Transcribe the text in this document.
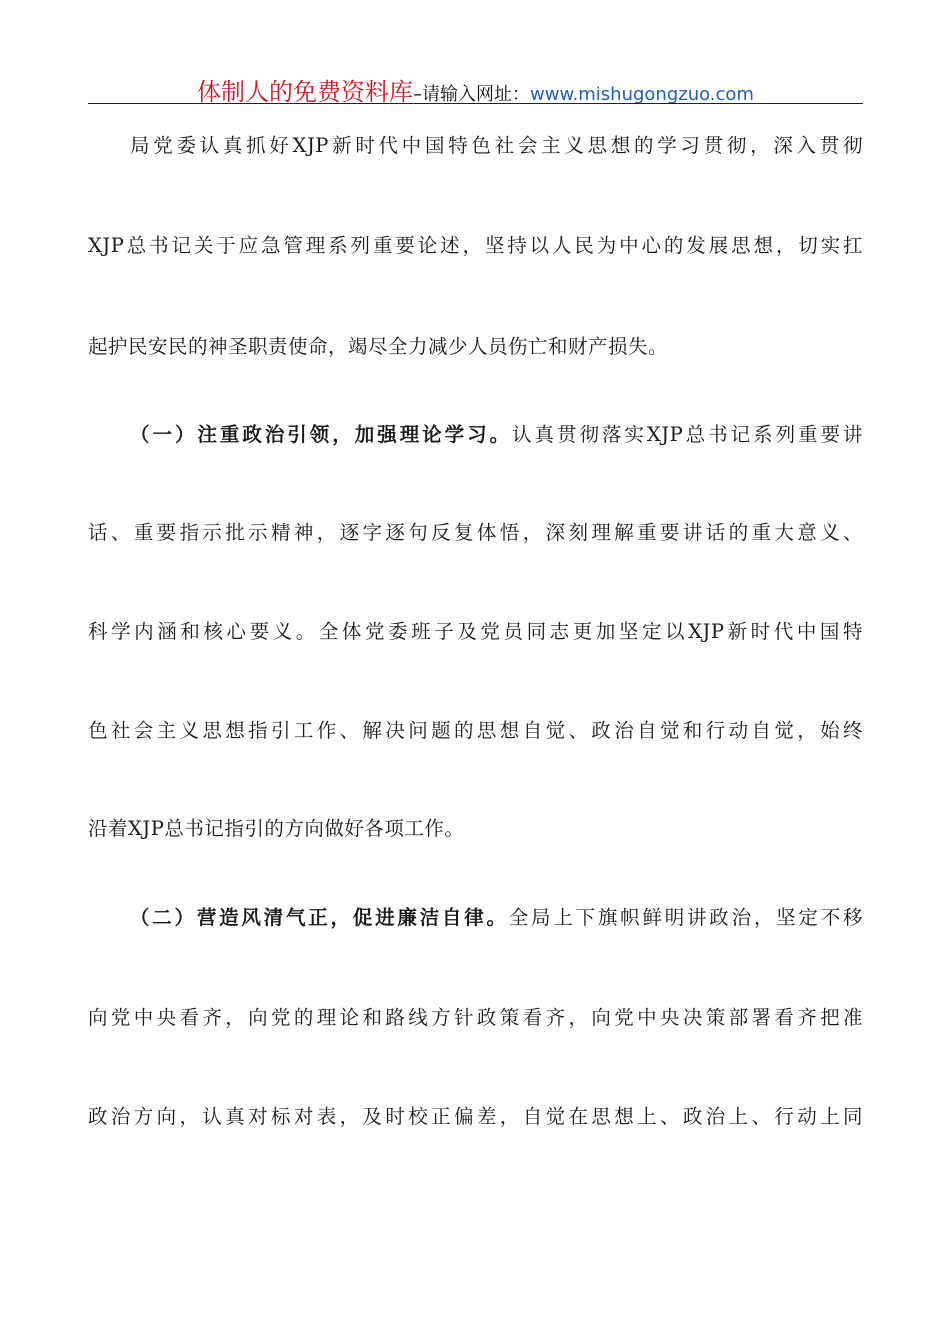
体制人的免费资料库–请输入网址：www.mishugongzuo.com
局党委认真抓好XJP新时代中国特色社会主义思想的学习贯彻，深入贯彻
XJP总书记关于应急管理系列重要论述，坚持以人民为中心的发展思想，切实扛
起护民安民的神圣职责使命，竭尽全力减少人员伤亡和财产损失。
（一）注重政治引领，加强理论学习。认真贯彻落实XJP总书记系列重要讲
话、重要指示批示精神，逐字逐句反复体悟，深刻理解重要讲话的重大意义、
科学内涵和核心要义。全体党委班子及党员同志更加坚定以XJP新时代中国特
色社会主义思想指引工作、解决问题的思想自觉、政治自觉和行动自觉，始终
沿着XJP总书记指引的方向做好各项工作。
（二）营造风清气正，促进廉洁自律。全局上下旗帜鲜明讲政治，坚定不移
向党中央看齐，向党的理论和路线方针政策看齐，向党中央决策部署看齐把准
政治方向，认真对标对表，及时校正偏差，自觉在思想上、政治上、行动上同
